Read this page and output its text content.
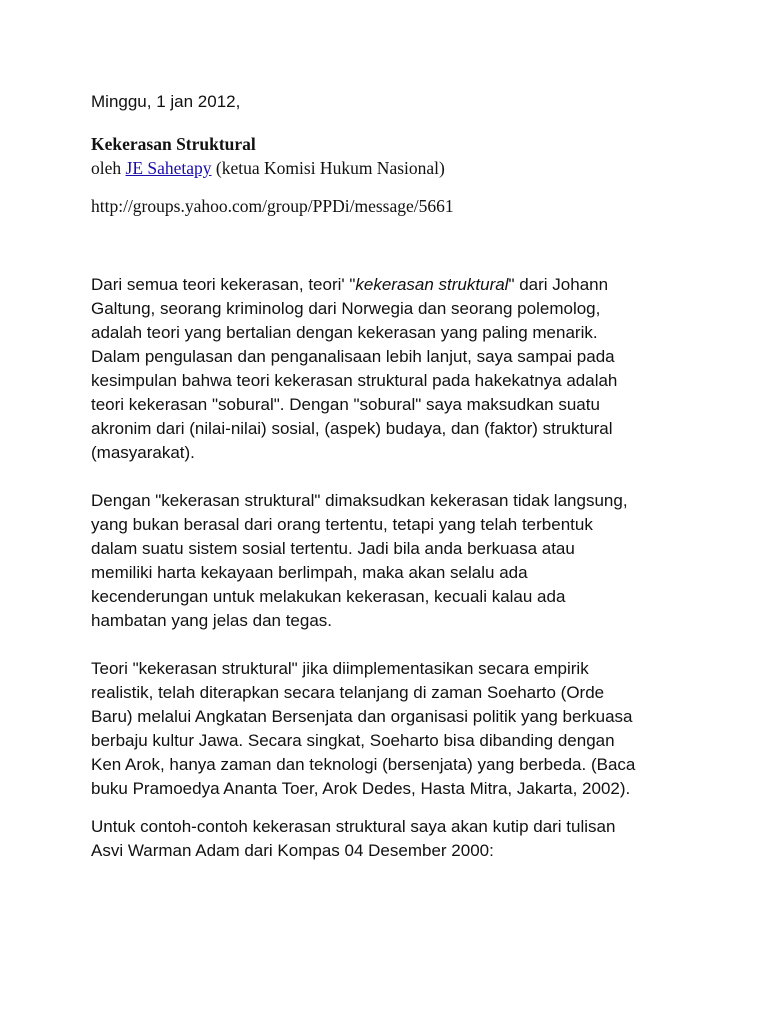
Minggu, 1 jan 2012,

Kekerasan Struktural
oleh JE Sahetapy (ketua Komisi Hukum Nasional)
http://groups.yahoo.com/group/PPDi/message/5661

Dari semua teori kekerasan, teori' "kekerasan struktural" dari Johann
Galtung, seorang kriminolog dari Norwegia dan seorang polemolog,
adalah teori yang bertalian dengan kekerasan yang paling menarik.
Dalam pengulasan dan penganalisaan lebih lanjut, saya sampai pada
kesimpulan bahwa teori kekerasan struktural pada hakekatnya adalah
teori kekerasan "sobural". Dengan "sobural" saya maksudkan suatu
akronim dari (nilai-nilai) sosial, (aspek) budaya, dan (faktor) struktural
(masyarakat).

Dengan "kekerasan struktural" dimaksudkan kekerasan tidak langsung,
yang bukan berasal dari orang tertentu, tetapi yang telah terbentuk
dalam suatu sistem sosial tertentu. Jadi bila anda berkuasa atau
memiliki harta kekayaan berlimpah, maka akan selalu ada
kecenderungan untuk melakukan kekerasan, kecuali kalau ada
hambatan yang jelas dan tegas.

Teori "kekerasan struktural" jika diimplementasikan secara empirik
realistik, telah diterapkan secara telanjang di zaman Soeharto (Orde
Baru) melalui Angkatan Bersenjata dan organisasi politik yang berkuasa
berbaju kultur Jawa. Secara singkat, Soeharto bisa dibanding dengan
Ken Arok, hanya zaman dan teknologi (bersenjata) yang berbeda. (Baca
buku Pramoedya Ananta Toer, Arok Dedes, Hasta Mitra, Jakarta, 2002).

Untuk contoh-contoh kekerasan struktural saya akan kutip dari tulisan
Asvi Warman Adam dari Kompas 04 Desember 2000:
